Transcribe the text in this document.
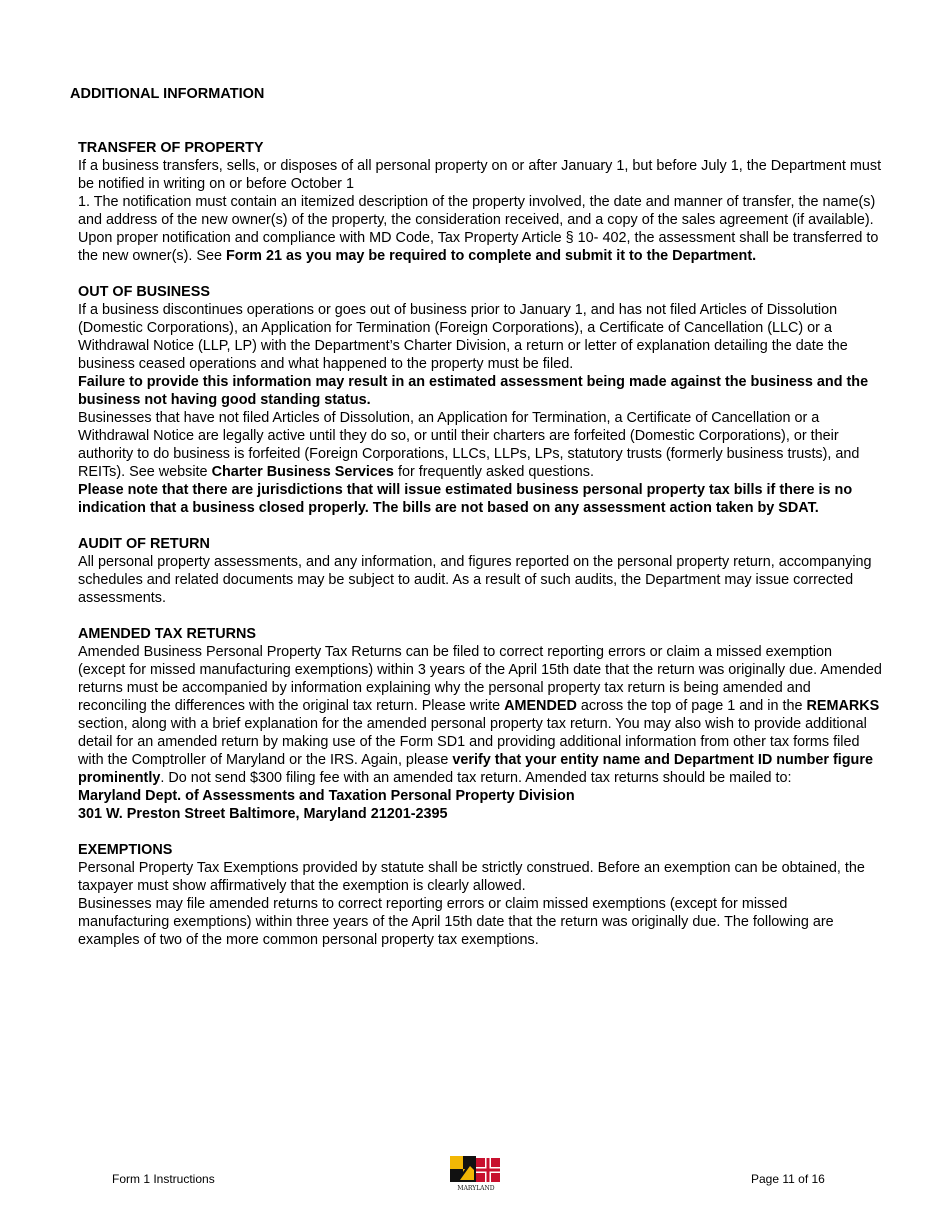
ADDITIONAL INFORMATION
TRANSFER OF PROPERTY

If a business transfers, sells, or disposes of all personal property on or after January 1, but before July 1, the Department must be notified in writing on or before October 1

1. The notification must contain an itemized description of the property involved, the date and manner of transfer, the name(s) and address of the new owner(s) of the property, the consideration received, and a copy of the sales agreement (if available). Upon proper notification and compliance with MD Code, Tax Property Article § 10- 402, the assessment shall be transferred to the new owner(s). See Form 21 as you may be required to complete and submit it to the Department.

OUT OF BUSINESS

If a business discontinues operations or goes out of business prior to January 1, and has not filed Articles of Dissolution (Domestic Corporations), an Application for Termination (Foreign Corporations), a Certificate of Cancellation (LLC) or a Withdrawal Notice (LLP, LP) with the Department’s Charter Division, a return or letter of explanation detailing the date the business ceased operations and what happened to the property must be filed.

Failure to provide this information may result in an estimated assessment being made against the business and the business not having good standing status.

Businesses that have not filed Articles of Dissolution, an Application for Termination, a Certificate of Cancellation or a Withdrawal Notice are legally active until they do so, or until their charters are forfeited (Domestic Corporations), or their authority to do business is forfeited (Foreign Corporations, LLCs, LLPs, LPs, statutory trusts (formerly business trusts), and REITs). See website Charter Business Services for frequently asked questions.

Please note that there are jurisdictions that will issue estimated business personal property tax bills if there is no indication that a business closed properly. The bills are not based on any assessment action taken by SDAT.

AUDIT OF RETURN

All personal property assessments, and any information, and figures reported on the personal property return, accompanying schedules and related documents may be subject to audit. As a result of such audits, the Department may issue corrected assessments.

AMENDED TAX RETURNS

Amended Business Personal Property Tax Returns can be filed to correct reporting errors or claim a missed exemption (except for missed manufacturing exemptions) within 3 years of the April 15th date that the return was originally due. Amended returns must be accompanied by information explaining why the personal property tax return is being amended and reconciling the differences with the original tax return. Please write AMENDED across the top of page 1 and in the REMARKS section, along with a brief explanation for the amended personal property tax return. You may also wish to provide additional detail for an amended return by making use of the Form SD1 and providing additional information from other tax forms filed with the Comptroller of Maryland or the IRS. Again, please verify that your entity name and Department ID number figure prominently. Do not send $300 filing fee with an amended tax return. Amended tax returns should be mailed to:

Maryland Dept. of Assessments and Taxation Personal Property Division

301 W. Preston Street Baltimore, Maryland 21201-2395

EXEMPTIONS

Personal Property Tax Exemptions provided by statute shall be strictly construed. Before an exemption can be obtained, the taxpayer must show affirmatively that the exemption is clearly allowed.

Businesses may file amended returns to correct reporting errors or claim missed exemptions (except for missed manufacturing exemptions) within three years of the April 15th date that the return was originally due. The following are examples of two of the more common personal property tax exemptions.

Form 1 Instructions
MARYLAND
Page 11 of 16
